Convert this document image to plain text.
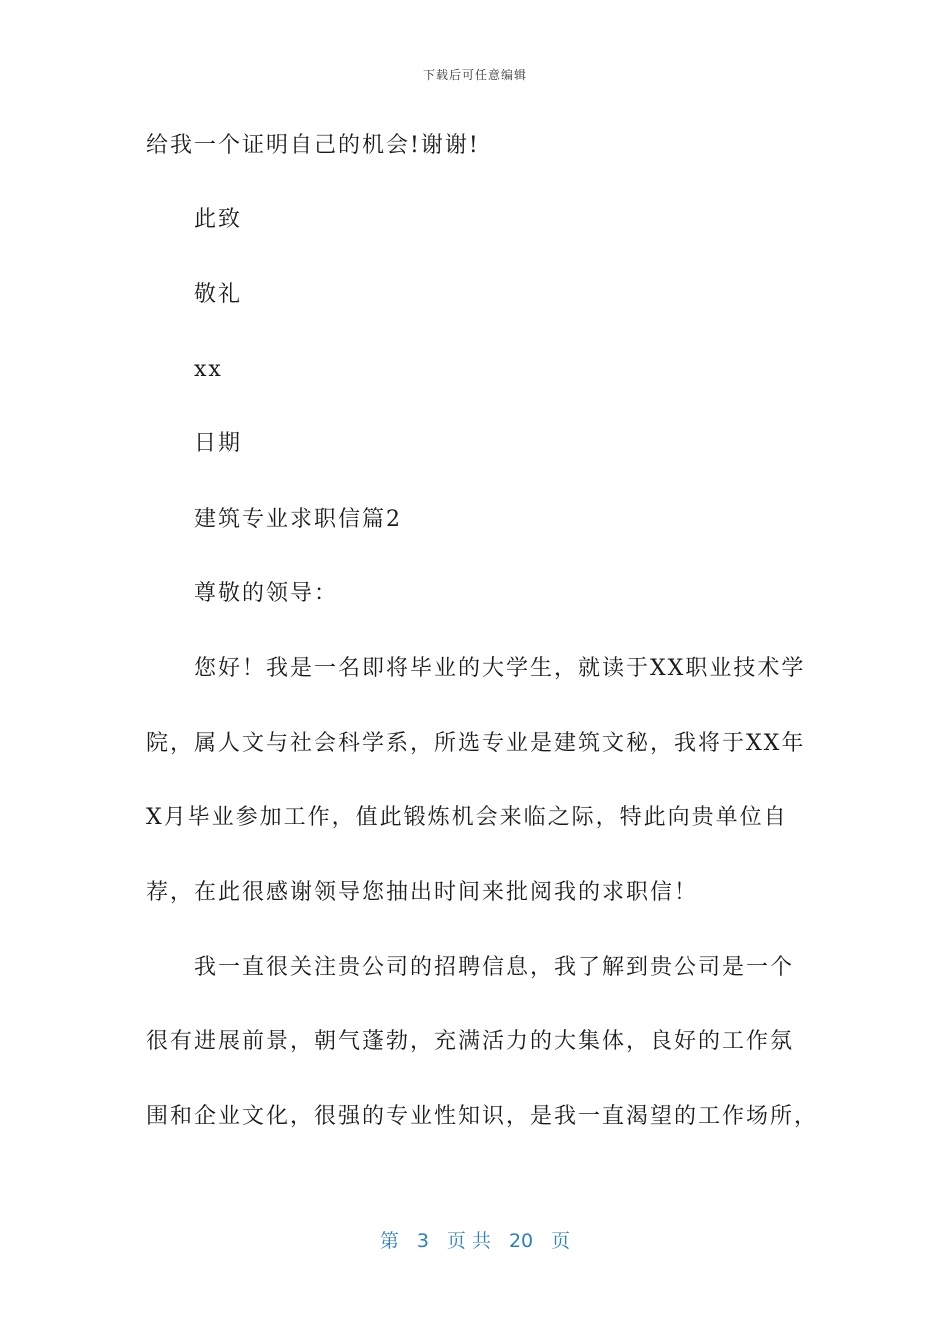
下载后可任意编辑
给我一个证明自己的机会!谢谢!
此致
敬礼
xx
日期
建筑专业求职信篇2
尊敬的领导：
您好！我是一名即将毕业的大学生，就读于XX职业技术学
院，属人文与社会科学系，所选专业是建筑文秘，我将于XX年
X月毕业参加工作，值此锻炼机会来临之际，特此向贵单位自
荐，在此很感谢领导您抽出时间来批阅我的求职信！
我一直很关注贵公司的招聘信息，我了解到贵公司是一个
很有进展前景，朝气蓬勃，充满活力的大集体，良好的工作氛
围和企业文化，很强的专业性知识，是我一直渴望的工作场所，
第 3 页 共 20 页
